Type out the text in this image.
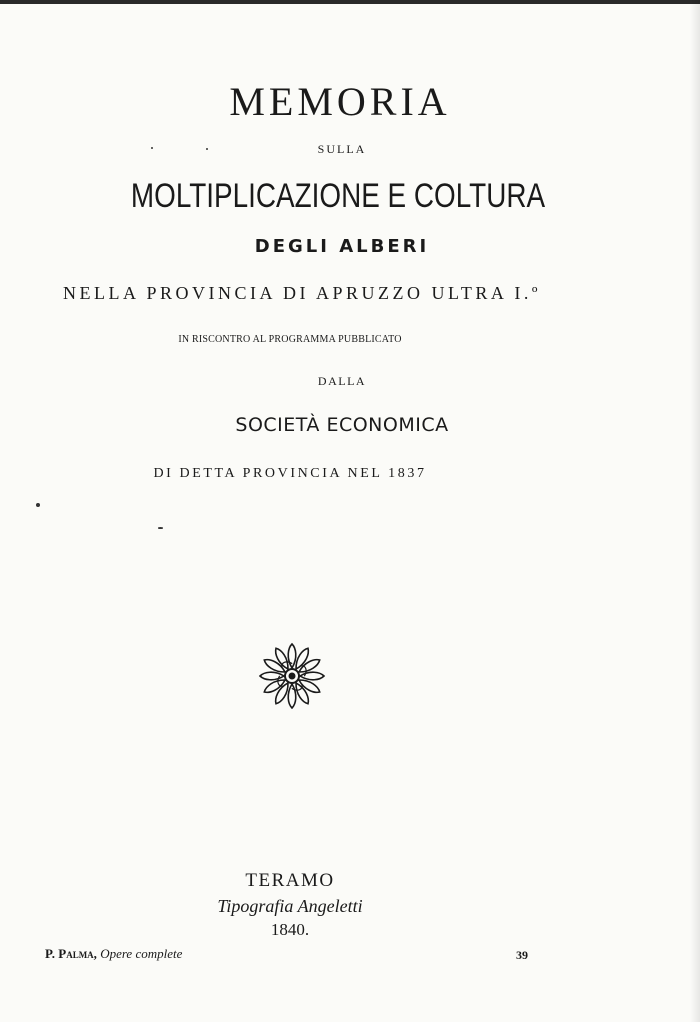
MEMORIA
SULLA
MOLTIPLICAZIONE E COLTURA
DEGLI ALBERI
NELLA PROVINCIA DI APRUZZO ULTRA I.º
IN RISCONTRO AL PROGRAMMA PUBBLICATO
DALLA
SOCIETÀ ECONOMICA
DI DETTA PROVINCIA NEL 1837
TERAMO
Tipografia Angeletti
1840.
P. Palma, Opere complete	39
